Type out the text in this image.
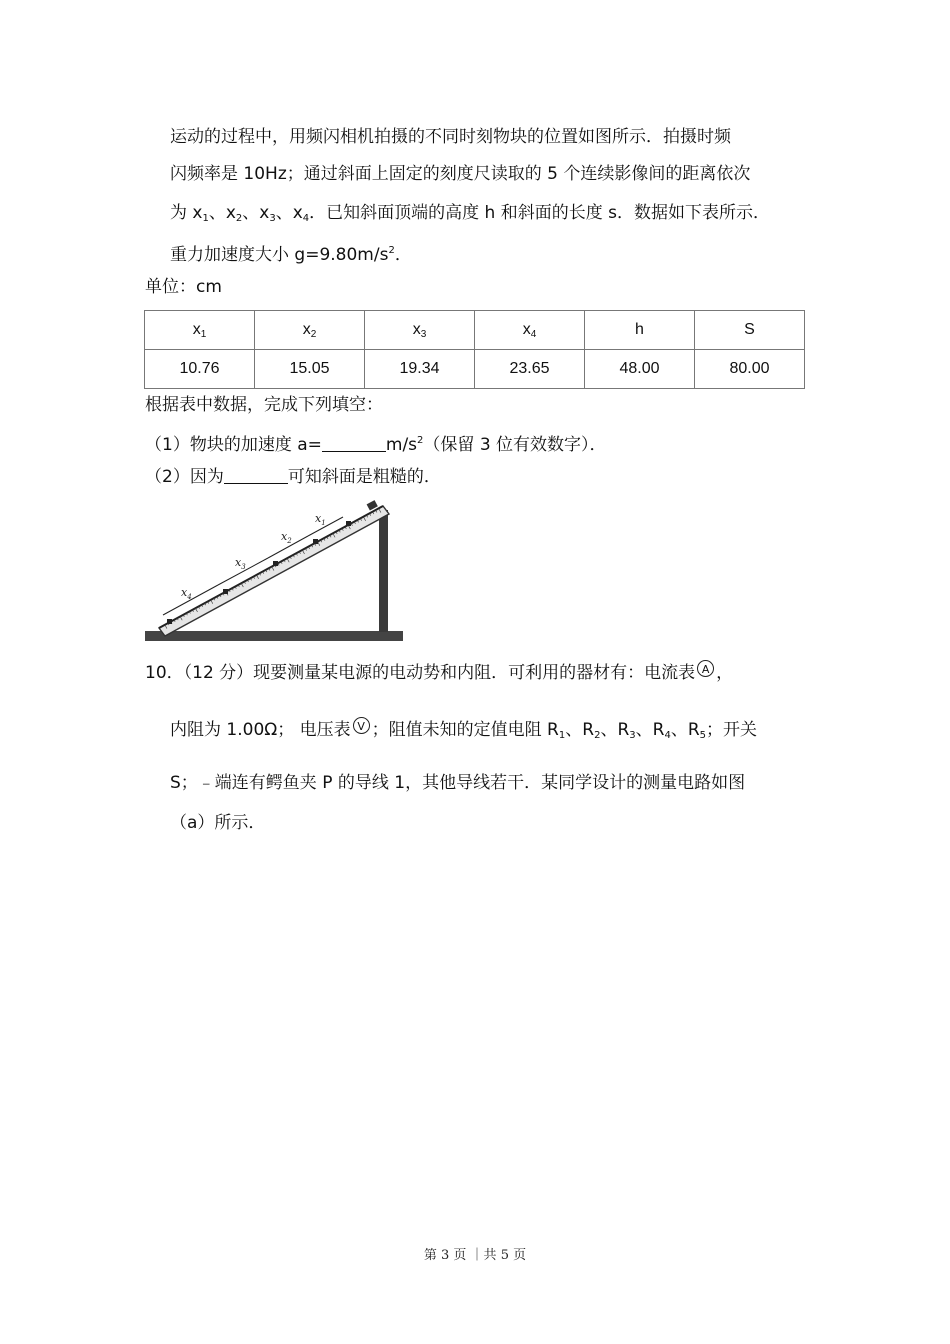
运动的过程中，用频闪相机拍摄的不同时刻物块的位置如图所示．拍摄时频
闪频率是 10Hz；通过斜面上固定的刻度尺读取的 5 个连续影像间的距离依次
为 $x_1$、$x_2$、$x_3$、$x_4$．已知斜面顶端的高度 h 和斜面的长度 s．数据如下表所示．
重力加速度大小 $g=9.80m/s^2$．
单位：cm
$x_1$	$x_2$	$x_3$	$x_4$	h	S
10.76	15.05	19.34	23.65	48.00	80.00
根据表中数据，完成下列填空：
（1）物块的加速度 a=	$m/s^2$（保留 3 位有效数字）．
（2）因为	可知斜面是粗糙的．
$x_4$
$x_3$
$x_2$
$x_1$
10．（12 分）现要测量某电源的电动势和内阻．可利用的器材有：电流表 A ，
内阻为 1.00Ω； 电压表 V ；阻值未知的定值电阻 $R_1$、$R_2$、$R_3$、$R_4$、$R_5$；开关
S；﹣端连有鳄鱼夹 P 的导线 1，其他导线若干．某同学设计的测量电路如图
（a）所示．
第 3 页 ｜共 5 页
